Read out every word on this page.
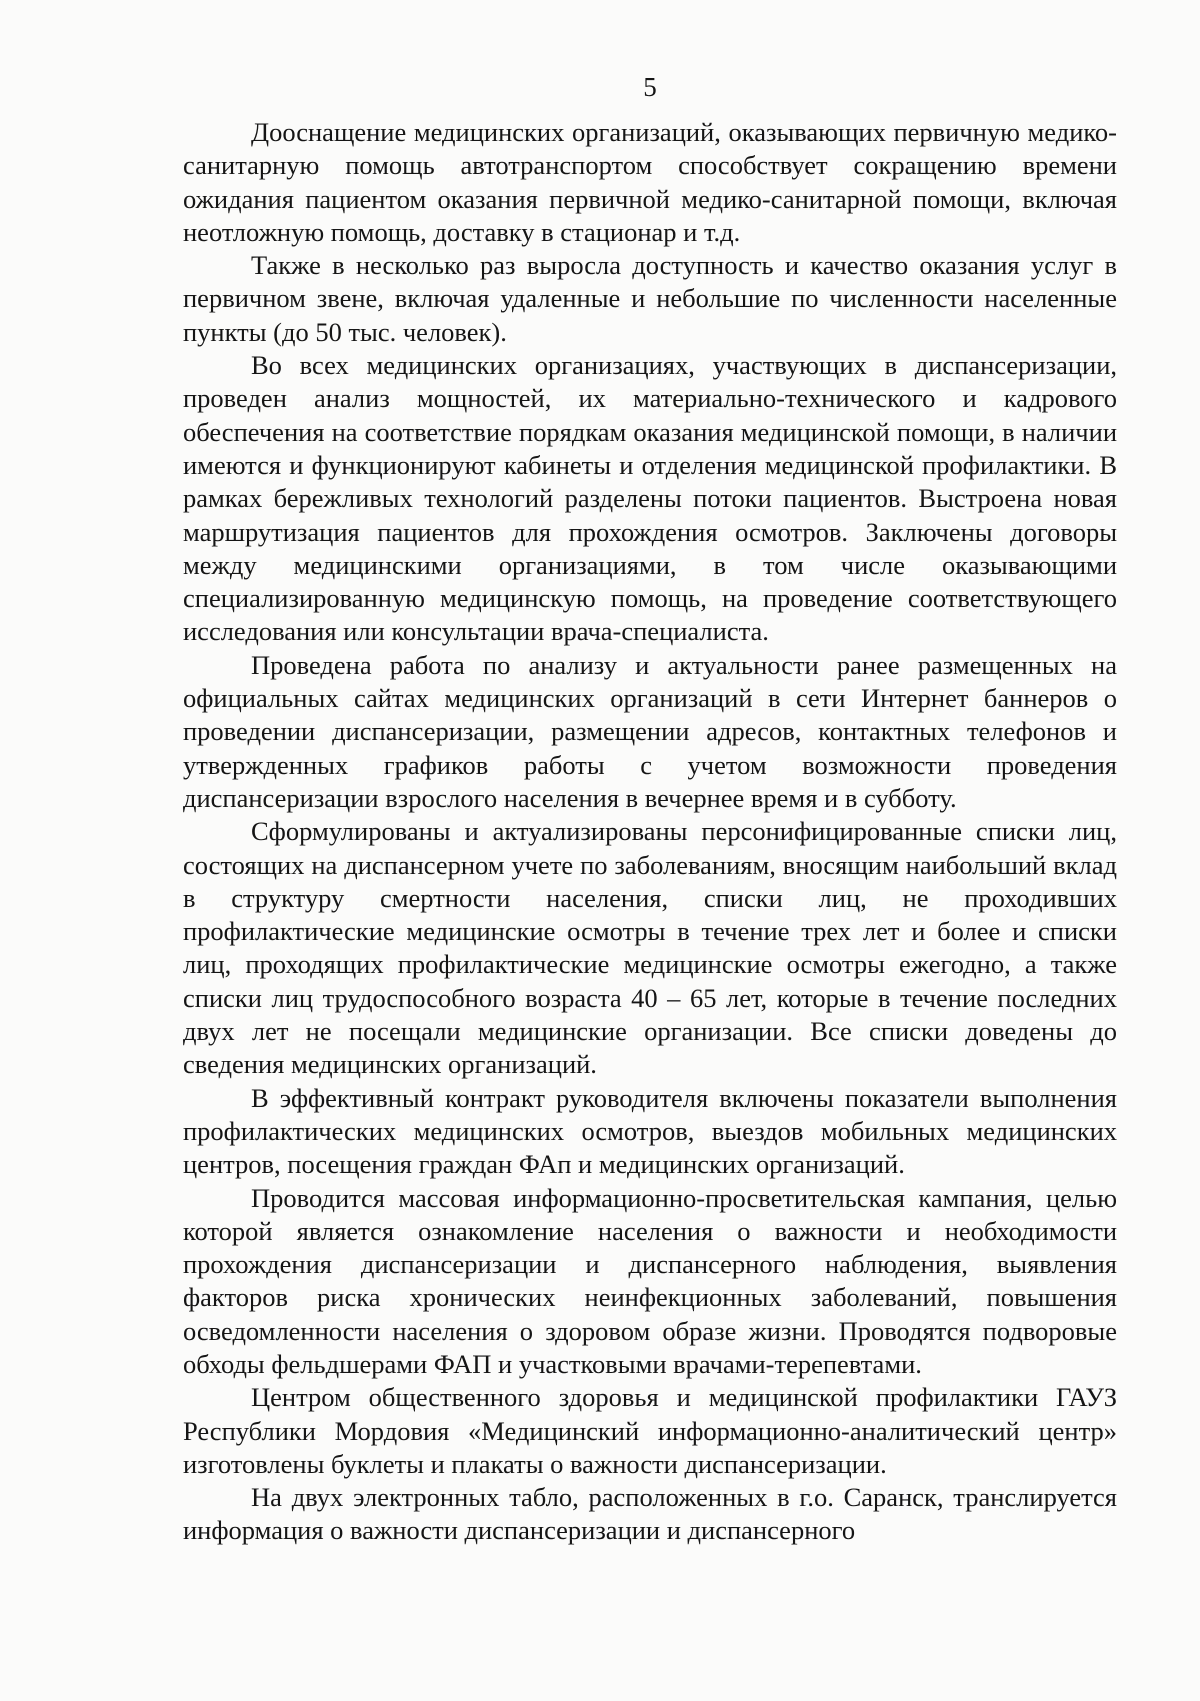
5

Дооснащение медицинских организаций, оказывающих первичную медико-санитарную помощь автотранспортом способствует сокращению времени ожидания пациентом оказания первичной медико-санитарной помощи, включая неотложную помощь, доставку в стационар и т.д.

Также в несколько раз выросла доступность и качество оказания услуг в первичном звене, включая удаленные и небольшие по численности населенные пункты (до 50 тыс. человек).

Во всех медицинских организациях, участвующих в диспансеризации, проведен анализ мощностей, их материально-технического и кадрового обеспечения на соответствие порядкам оказания медицинской помощи, в наличии имеются и функционируют кабинеты и отделения медицинской профилактики. В рамках бережливых технологий разделены потоки пациентов. Выстроена новая маршрутизация пациентов для прохождения осмотров. Заключены договоры между медицинскими организациями, в том числе оказывающими специализированную медицинскую помощь, на проведение соответствующего исследования или консультации врача-специалиста.

Проведена работа по анализу и актуальности ранее размещенных на официальных сайтах медицинских организаций в сети Интернет баннеров о проведении диспансеризации, размещении адресов, контактных телефонов и утвержденных графиков работы с учетом возможности проведения диспансеризации взрослого населения в вечернее время и в субботу.

Сформулированы и актуализированы персонифицированные списки лиц, состоящих на диспансерном учете по заболеваниям, вносящим наибольший вклад в структуру смертности населения, списки лиц, не проходивших профилактические медицинские осмотры в течение трех лет и более и списки лиц, проходящих профилактические медицинские осмотры ежегодно, а также списки лиц трудоспособного возраста 40 – 65 лет, которые в течение последних двух лет не посещали медицинские организации. Все списки доведены до сведения медицинских организаций.

В эффективный контракт руководителя включены показатели выполнения профилактических медицинских осмотров, выездов мобильных медицинских центров, посещения граждан ФАп и медицинских организаций.

Проводится массовая информационно-просветительская кампания, целью которой является ознакомление населения о важности и необходимости прохождения диспансеризации и диспансерного наблюдения, выявления факторов риска хронических неинфекционных заболеваний, повышения осведомленности населения о здоровом образе жизни. Проводятся подворовые обходы фельдшерами ФАП и участковыми врачами-терепевтами.

Центром общественного здоровья и медицинской профилактики ГАУЗ Республики Мордовия «Медицинский информационно-аналитический центр» изготовлены буклеты и плакаты о важности диспансеризации.

На двух электронных табло, расположенных в г.о. Саранск, транслируется информация о важности диспансеризации и диспансерного
